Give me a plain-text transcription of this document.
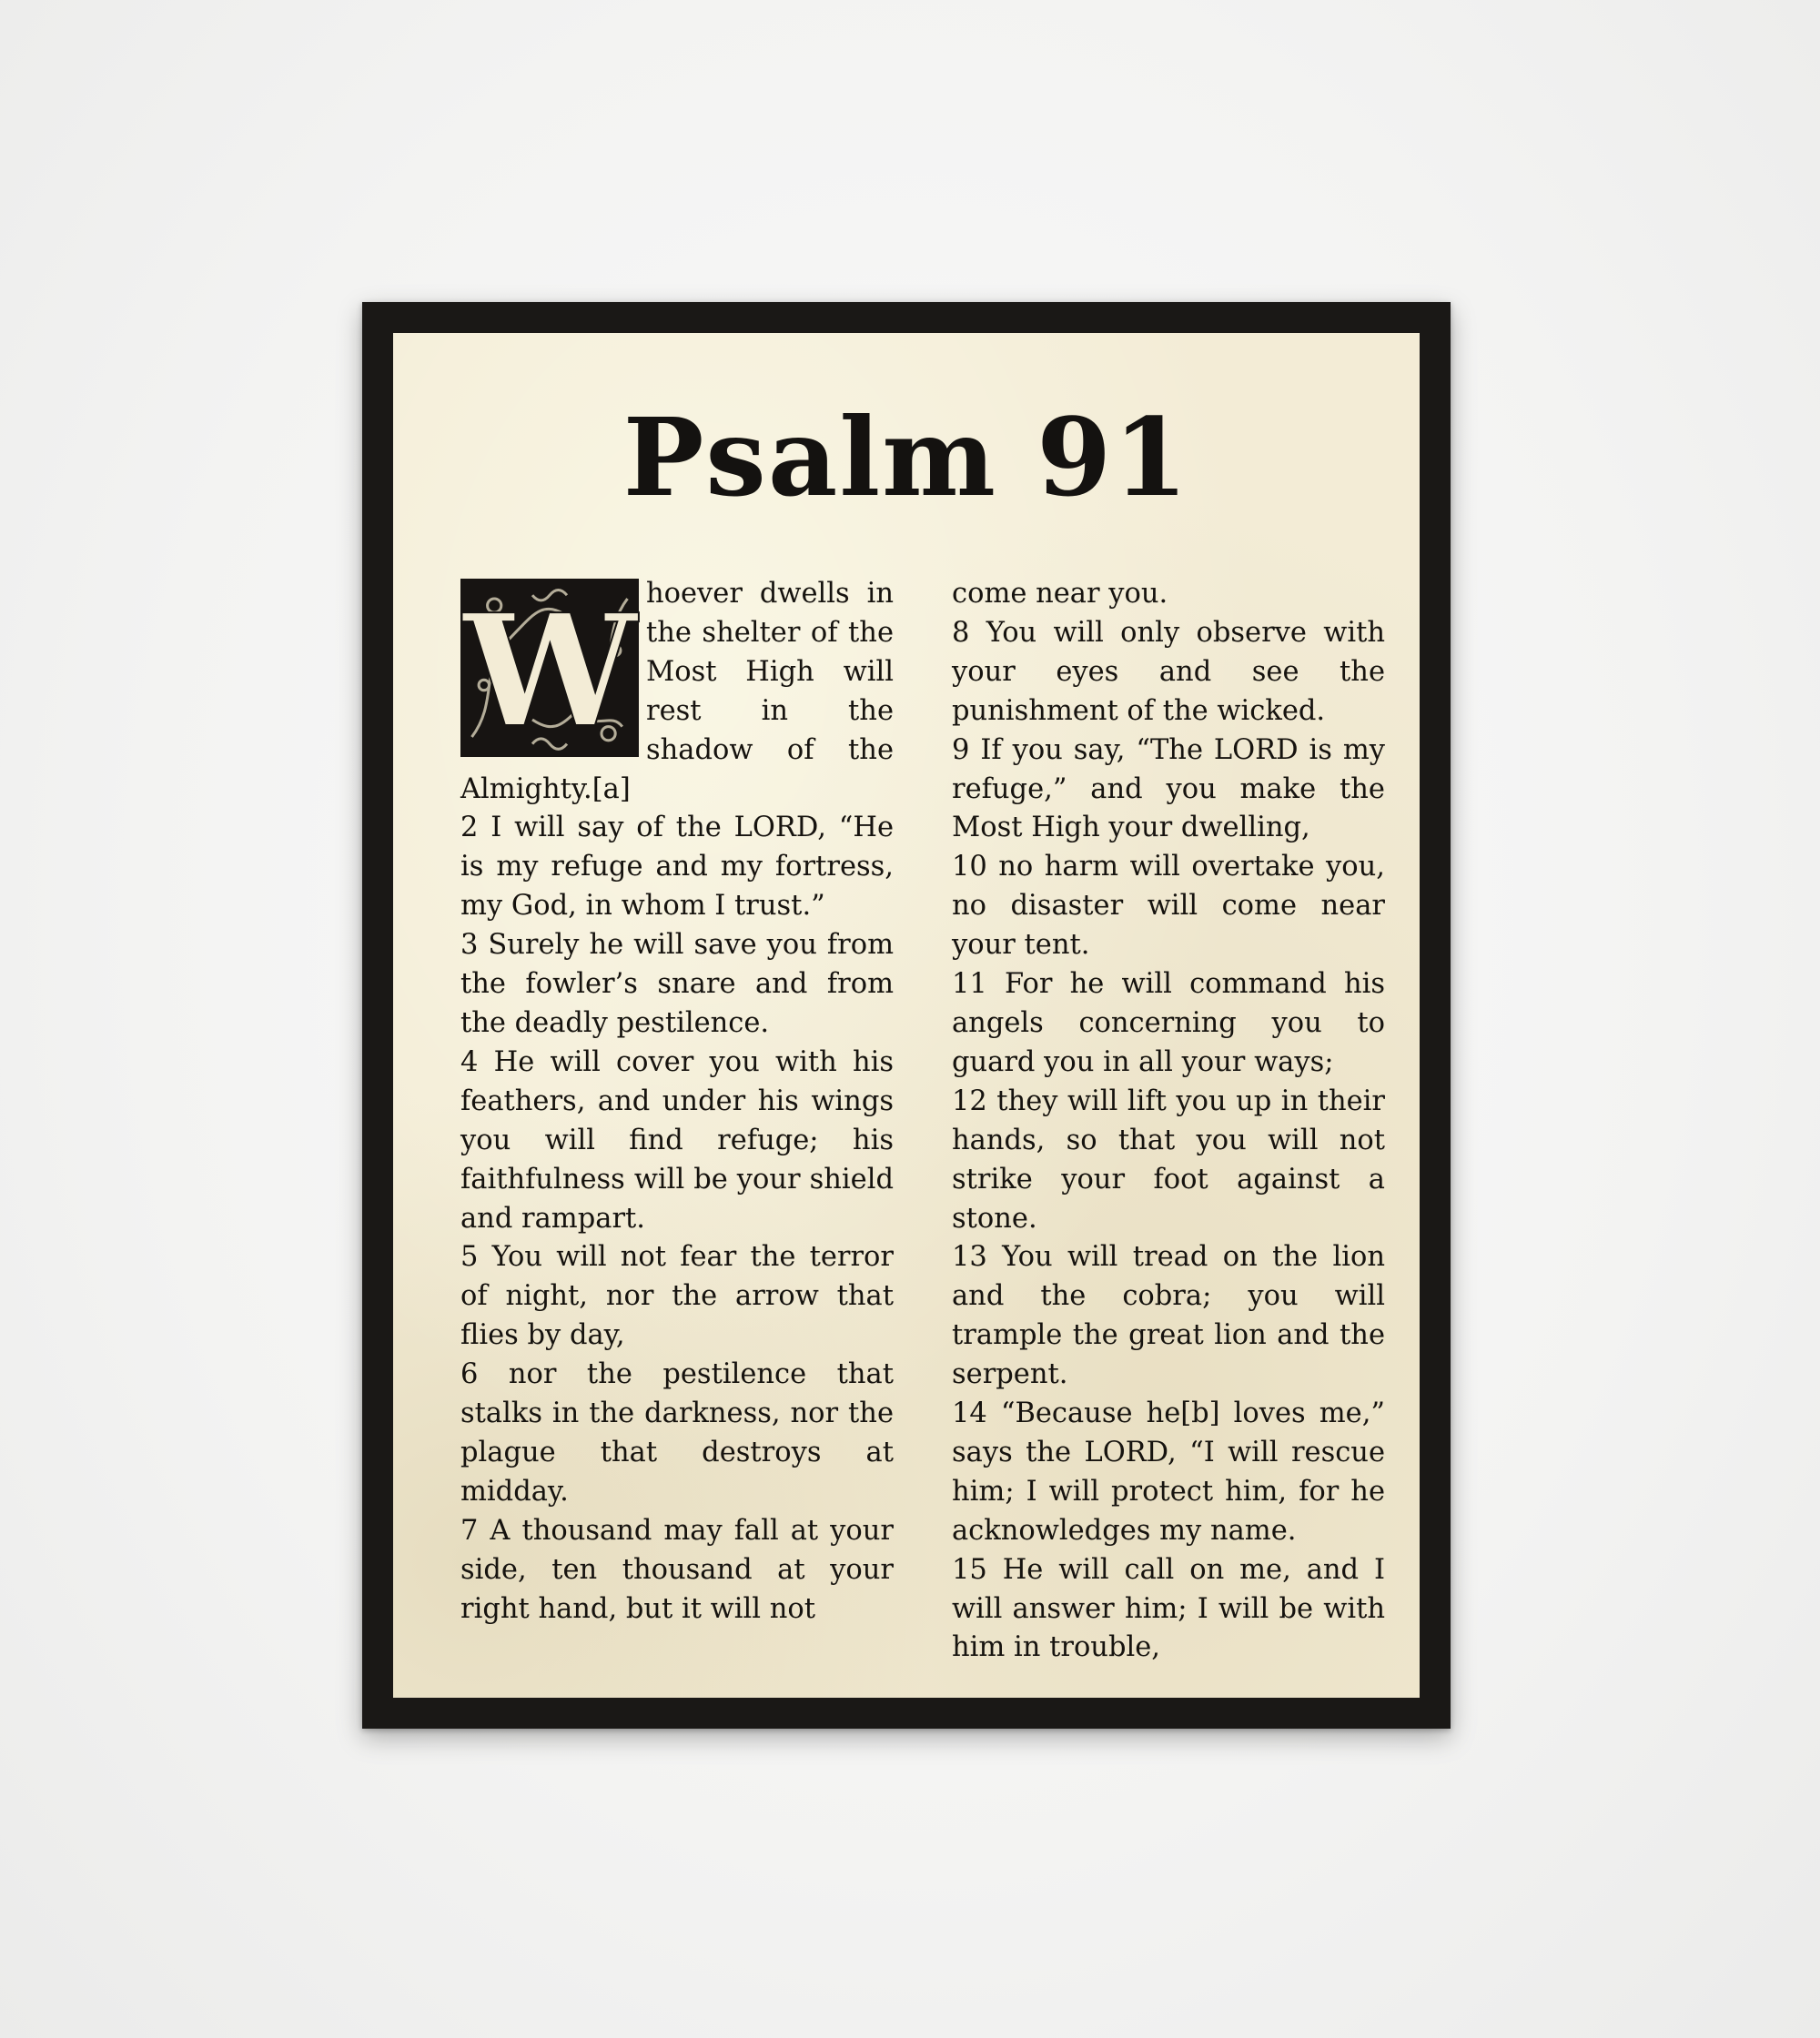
Psalm 91
W hoever dwells in the shelter of the Most High will rest in the shadow of the Almighty.[a]

2 I will say of the LORD, “He is my refuge and my fortress, my God, in whom I trust.”

3 Surely he will save you from the fowler’s snare and from the deadly pestilence.

4 He will cover you with his feathers, and under his wings you will find refuge; his faithfulness will be your shield and rampart.

5 You will not fear the terror of night, nor the arrow that flies by day,

6 nor the pestilence that stalks in the darkness, nor the plague that destroys at midday.

7 A thousand may fall at your side, ten thousand at your right hand, but it will not

come near you.

8 You will only observe with your eyes and see the punishment of the wicked.

9 If you say, “The LORD is my refuge,” and you make the Most High your dwelling,

10 no harm will overtake you, no disaster will come near your tent.

11 For he will command his angels concerning you to guard you in all your ways;

12 they will lift you up in their hands, so that you will not strike your foot against a stone.

13 You will tread on the lion and the cobra; you will trample the great lion and the serpent.

14 “Because he[b] loves me,” says the LORD, “I will rescue him; I will protect him, for he acknowledges my name.

15 He will call on me, and I will answer him; I will be with him in trouble,
